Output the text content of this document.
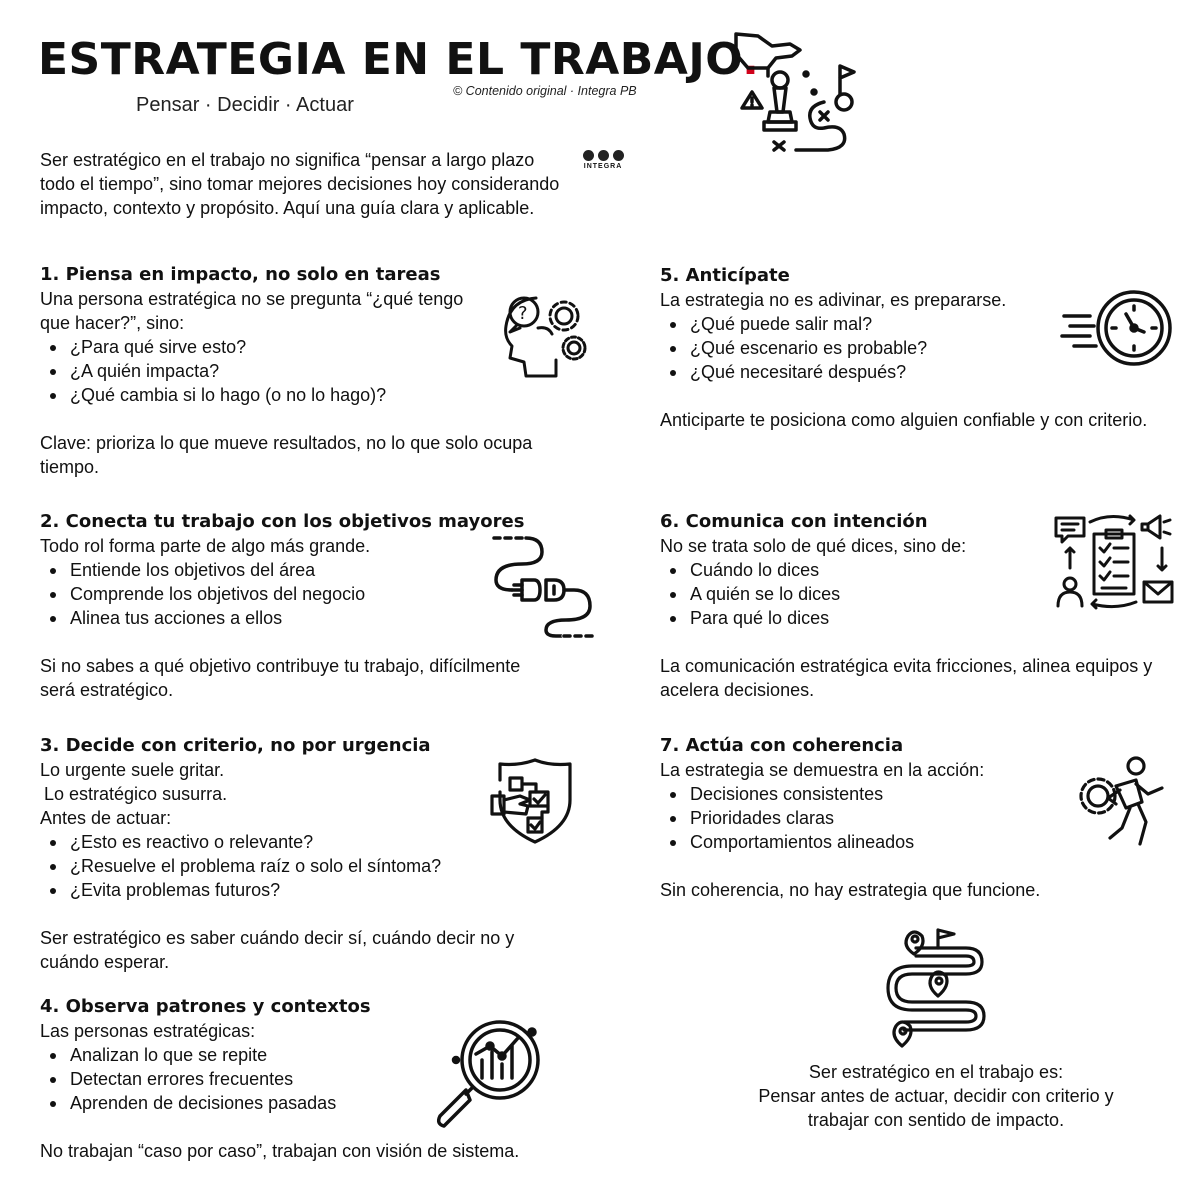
ESTRATEGIA EN EL TRABAJO.
Pensar · Decidir · Actuar
© Contenido original · Integra PB

Ser estratégico en el trabajo no significa “pensar a largo plazo todo el tiempo”, sino tomar mejores decisiones hoy considerando impacto, contexto y propósito. Aquí una guía clara y aplicable.

INTEGRA
1. Piensa en impacto, no solo en tareas

Una persona estratégica no se pregunta “¿qué tengo que hacer?”, sino:

¿Para qué sirve esto?
¿A quién impacta?
¿Qué cambia si lo hago (o no lo hago)?

Clave: prioriza lo que mueve resultados, no lo que solo ocupa tiempo.

?
2. Conecta tu trabajo con los objetivos mayores

Todo rol forma parte de algo más grande.

Entiende los objetivos del área
Comprende los objetivos del negocio
Alinea tus acciones a ellos

Si no sabes a qué objetivo contribuye tu trabajo, difícilmente será estratégico.

3. Decide con criterio, no por urgencia

Lo urgente suele gritar.

Lo estratégico susurra.

Antes de actuar:

¿Esto es reactivo o relevante?
¿Resuelve el problema raíz o solo el síntoma?
¿Evita problemas futuros?

Ser estratégico es saber cuándo decir sí, cuándo decir no y cuándo esperar.

4. Observa patrones y contextos

Las personas estratégicas:

Analizan lo que se repite
Detectan errores frecuentes
Aprenden de decisiones pasadas

No trabajan “caso por caso”, trabajan con visión de sistema.

5. Anticípate

La estrategia no es adivinar, es prepararse.

¿Qué puede salir mal?
¿Qué escenario es probable?
¿Qué necesitaré después?

Anticiparte te posiciona como alguien confiable y con criterio.

6. Comunica con intención

No se trata solo de qué dices, sino de:

Cuándo lo dices
A quién se lo dices
Para qué lo dices

La comunicación estratégica evita fricciones, alinea equipos y acelera decisiones.

7. Actúa con coherencia

La estrategia se demuestra en la acción:

Decisiones consistentes
Prioridades claras
Comportamientos alineados

Sin coherencia, no hay estrategia que funcione.

Ser estratégico en el trabajo es:
Pensar antes de actuar, decidir con criterio y
trabajar con sentido de impacto.
